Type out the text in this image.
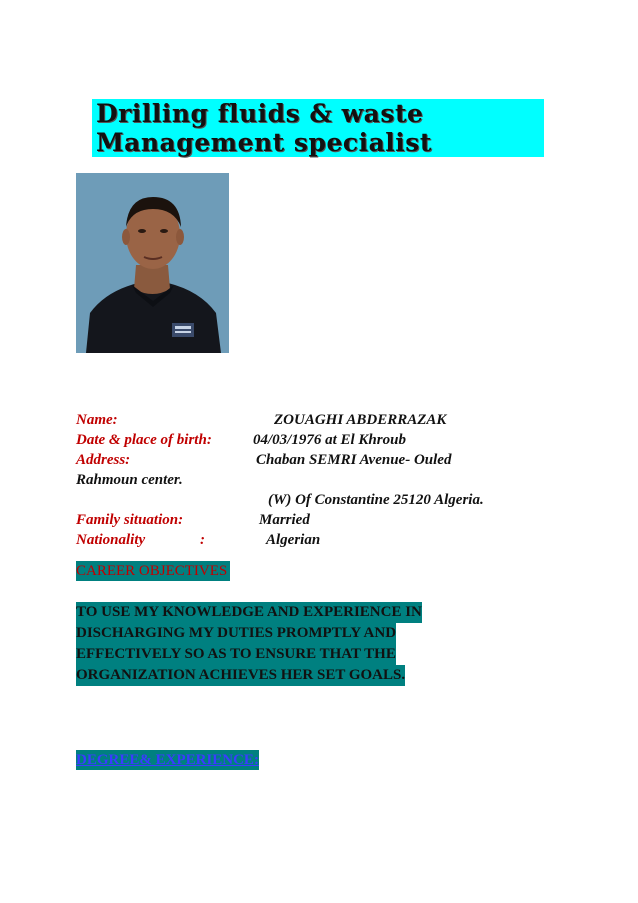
Drilling fluids & waste
Management specialist
Name:	ZOUAGHI ABDERRAZAK
Date & place of birth:	04/03/1976 at El Khroub
Address:	Chaban SEMRI Avenue- Ouled
Rahmoun center.
(W) Of Constantine 25120 Algeria.
Family situation:	Married
Nationality	:	Algerian
CAREER OBJECTIVES
TO USE MY KNOWLEDGE AND EXPERIENCE IN
DISCHARGING MY DUTIES PROMPTLY AND
EFFECTIVELY SO AS TO ENSURE THAT THE
ORGANIZATION ACHIEVES HER SET GOALS.
DEGREE& EXPERIENCE:
